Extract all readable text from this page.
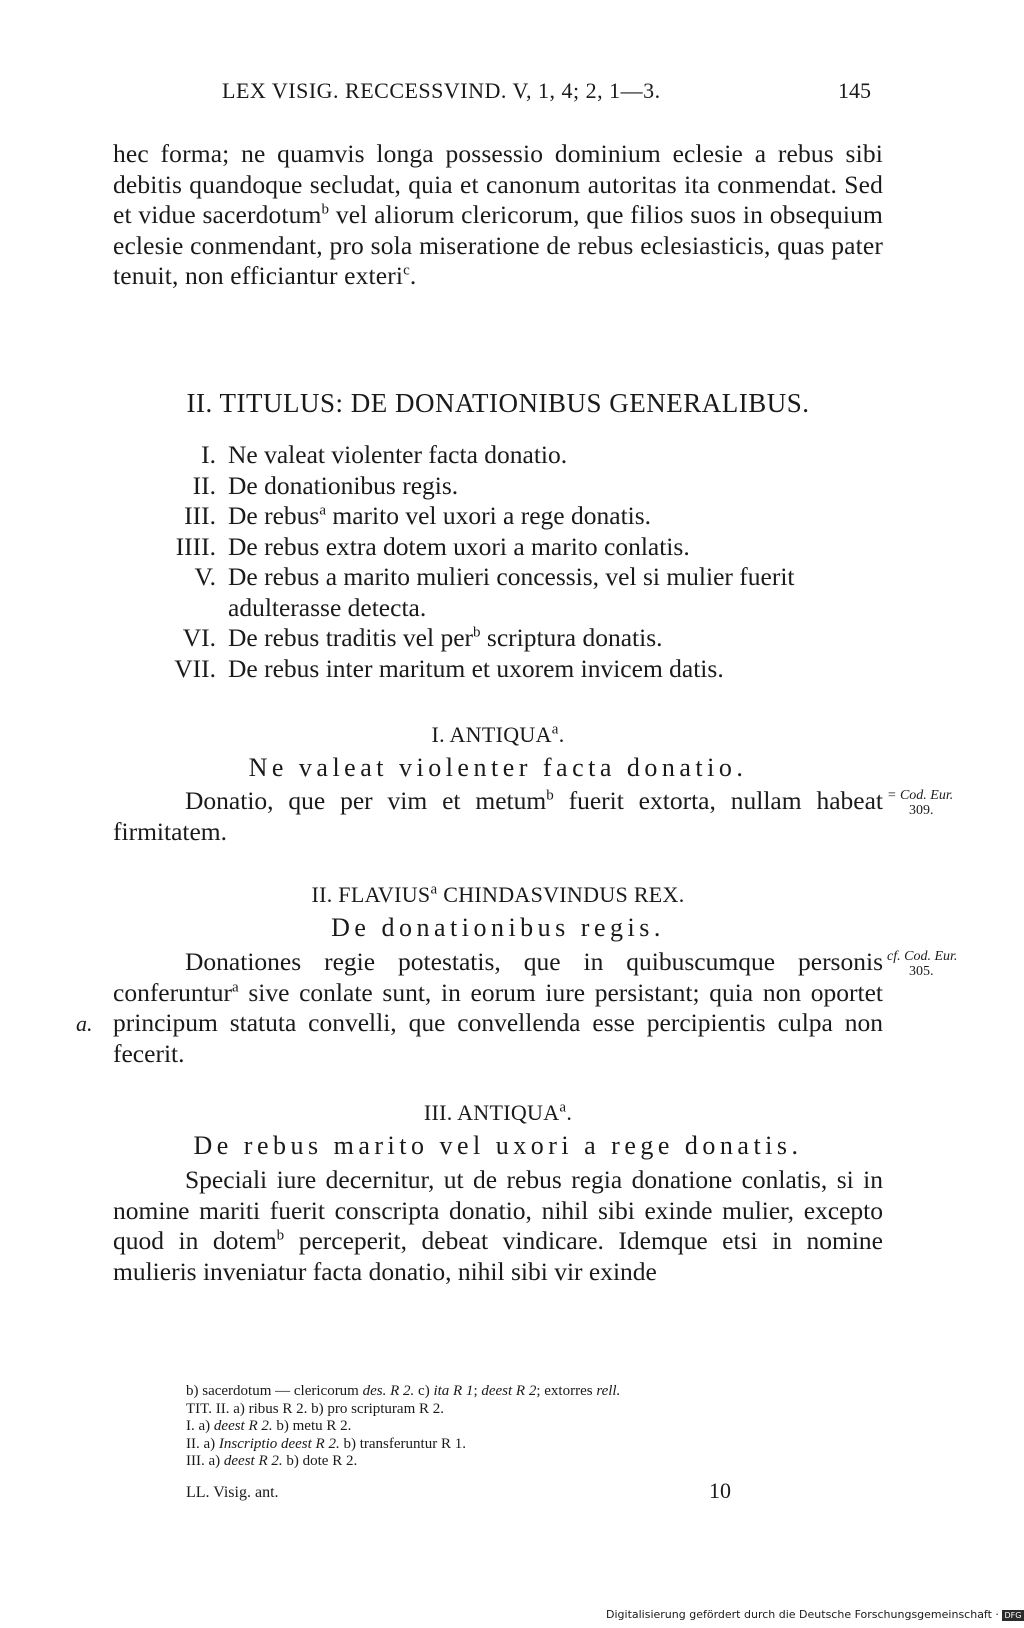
LEX VISIG. RECCESSVIND. V, 1, 4; 2, 1—3.	145
hec forma; ne quamvis longa possessio dominium eclesie a rebus sibi debitis quandoque secludat, quia et canonum autoritas ita conmendat. Sed et vidue sacerdotum$^b$ vel aliorum clericorum, que filios suos in obsequium eclesie conmendant, pro sola miseratione de rebus eclesiasticis, quas pater tenuit, non efficiantur exteri$^c$.
II. TITULUS: DE DONATIONIBUS GENERALIBUS.
I. Ne valeat violenter facta donatio.
II. De donationibus regis.
III. De rebus$^a$ marito vel uxori a rege donatis.
IIII. De rebus extra dotem uxori a marito conlatis.
V. De rebus a marito mulieri concessis, vel si mulier fuerit adulterasse detecta.
VI. De rebus traditis vel per$^b$ scriptura donatis.
VII. De rebus inter maritum et uxorem invicem datis.
I. ANTIQUA$^a$.
Ne valeat violenter facta donatio.
Donatio, que per vim et metum$^b$ fuerit extorta, nullam habeat firmitatem.
= Cod. Eur.
309.
II. FLAVIUS$^a$ CHINDASVINDUS REX.
De donationibus regis.
Donationes regie potestatis, que in quibuscumque personis conferuntur$^a$ sive conlate sunt, in eorum iure persistant; quia non oportet principum statuta convelli, que convellenda esse percipientis culpa non fecerit.
cf. Cod. Eur.
305.
a.
III. ANTIQUA$^a$.
De rebus marito vel uxori a rege donatis.
Speciali iure decernitur, ut de rebus regia donatione conlatis, si in nomine mariti fuerit conscripta donatio, nihil sibi exinde mulier, excepto quod in dotem$^b$ perceperit, debeat vindicare. Idemque etsi in nomine mulieris inveniatur facta donatio, nihil sibi vir exinde
b) sacerdotum — clericorum des. R 2. c) ita R 1; deest R 2; extorres rell.
TIT. II. a) ribus R 2. b) pro scripturam R 2.
I. a) deest R 2. b) metu R 2.
II. a) Inscriptio deest R 2. b) transferuntur R 1.
III. a) deest R 2. b) dote R 2.
LL. Visig. ant.	10
Digitalisierung gefördert durch die Deutsche Forschungsgemeinschaft · DFG
